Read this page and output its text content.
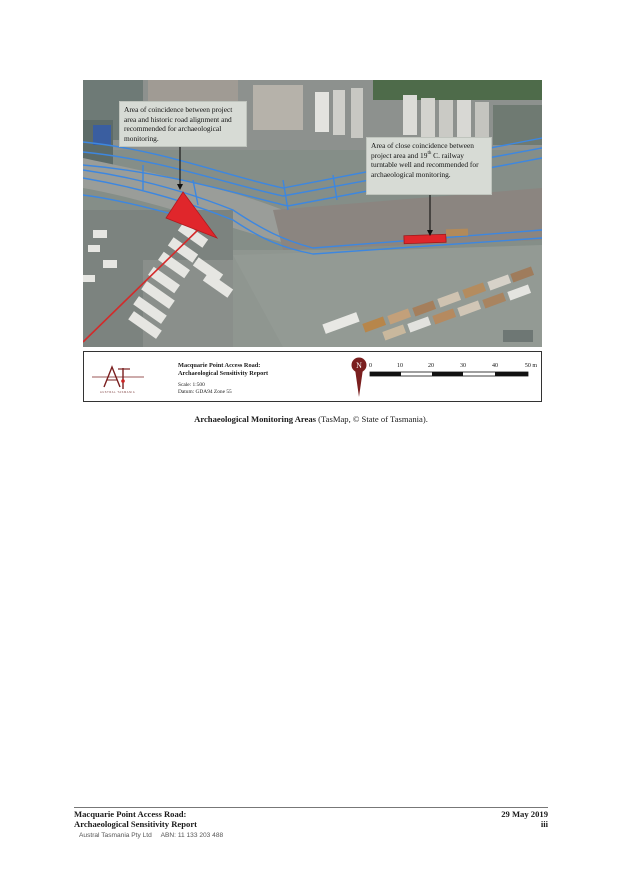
Area of coincidence between project area and historic road alignment and recommended for archaeological monitoring.
Area of close coincidence between project area and 19th C. railway turntable well and recommended for archaeological monitoring.
AUSTRAL TASMANIA
Macquarie Point Access Road:
Archaeological Sensitivity Report
Scale: 1:500
Datum: GDA94 Zone 55
N 0	10	20	30	40	50 m
Archaeological Monitoring Areas (TasMap, © State of Tasmania).
Macquarie Point Access Road:
Archaeological Sensitivity Report
29 May 2019
iii
Austral Tasmania Pty Ltd     ABN: 11 133 203 488
